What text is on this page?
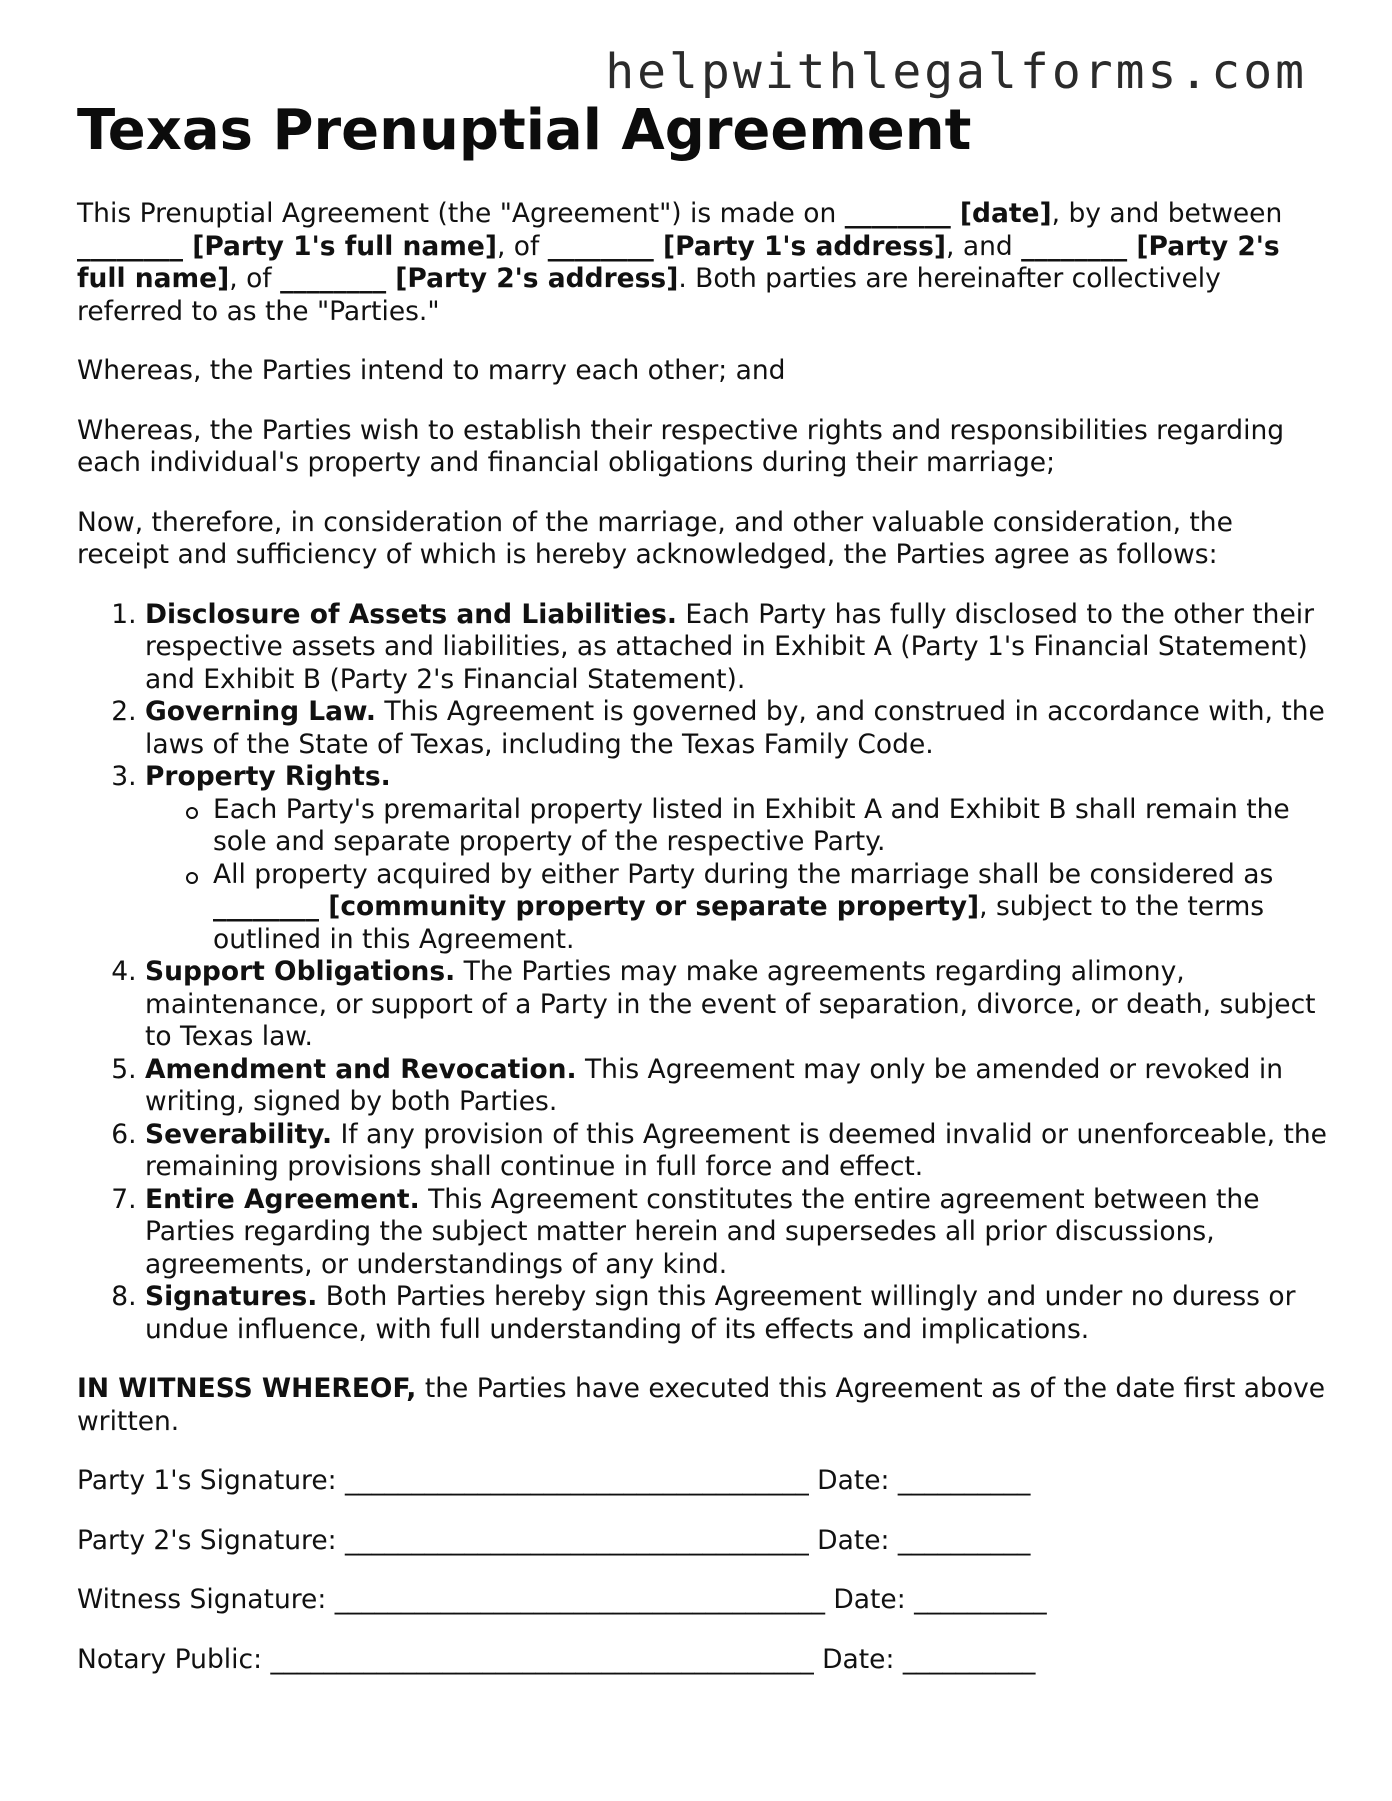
helpwithlegalforms.com
Texas Prenuptial Agreement

This Prenuptial Agreement (the "Agreement") is made on ________ [date], by and between ________ [Party 1's full name], of ________ [Party 1's address], and ________ [Party 2's full name], of ________ [Party 2's address]. Both parties are hereinafter collectively referred to as the "Parties."

Whereas, the Parties intend to marry each other; and

Whereas, the Parties wish to establish their respective rights and responsibilities regarding each individual's property and financial obligations during their marriage;

Now, therefore, in consideration of the marriage, and other valuable consideration, the receipt and sufficiency of which is hereby acknowledged, the Parties agree as follows:

1. Disclosure of Assets and Liabilities. Each Party has fully disclosed to the other their respective assets and liabilities, as attached in Exhibit A (Party 1's Financial Statement) and Exhibit B (Party 2's Financial Statement).
2. Governing Law. This Agreement is governed by, and construed in accordance with, the laws of the State of Texas, including the Texas Family Code.
3. Property Rights.
Each Party's premarital property listed in Exhibit A and Exhibit B shall remain the sole and separate property of the respective Party.
All property acquired by either Party during the marriage shall be considered as ________ [community property or separate property], subject to the terms outlined in this Agreement.
4. Support Obligations. The Parties may make agreements regarding alimony, maintenance, or support of a Party in the event of separation, divorce, or death, subject to Texas law.
5. Amendment and Revocation. This Agreement may only be amended or revoked in writing, signed by both Parties.
6. Severability. If any provision of this Agreement is deemed invalid or unenforceable, the remaining provisions shall continue in full force and effect.
7. Entire Agreement. This Agreement constitutes the entire agreement between the Parties regarding the subject matter herein and supersedes all prior discussions, agreements, or understandings of any kind.
8. Signatures. Both Parties hereby sign this Agreement willingly and under no duress or undue influence, with full understanding of its effects and implications.

IN WITNESS WHEREOF, the Parties have executed this Agreement as of the date first above written.

Party 1's Signature: ___________________________________ Date: __________
Party 2's Signature: ___________________________________ Date: __________
Witness Signature: _____________________________________ Date: __________
Notary Public: _________________________________________ Date: __________
